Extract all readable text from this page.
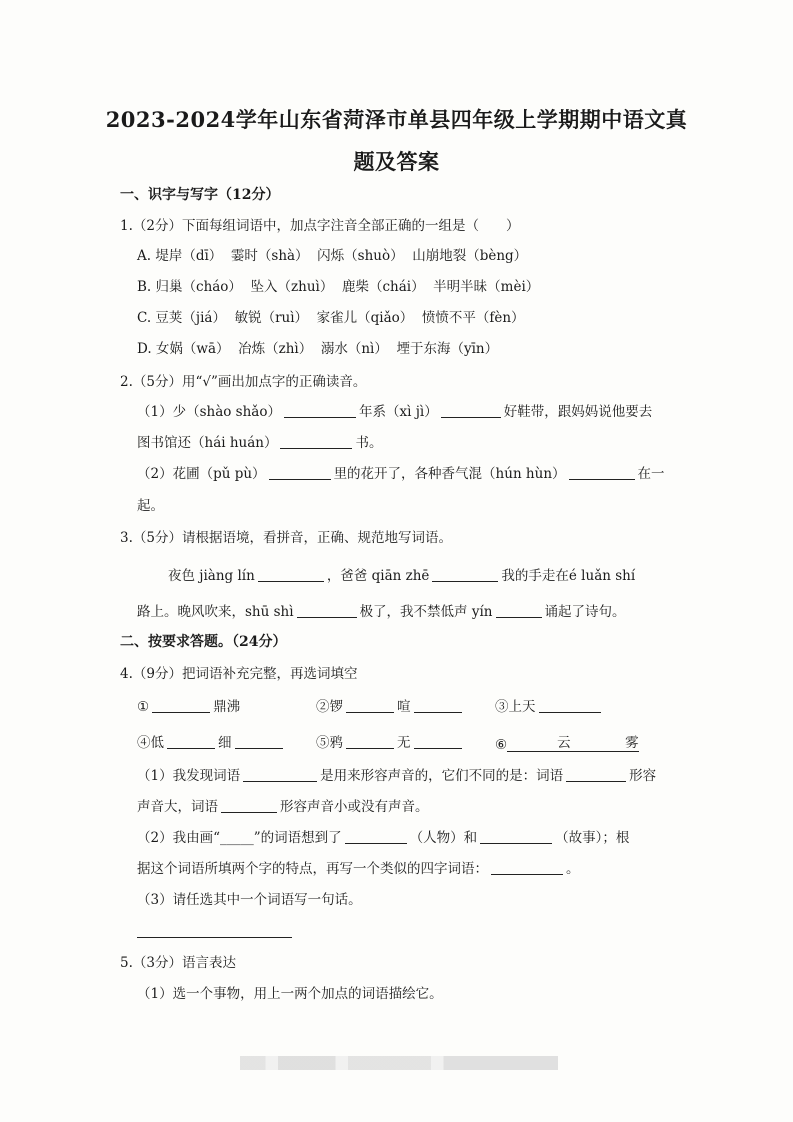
2023-2024学年山东省菏泽市单县四年级上学期期中语文真
题及答案
一、识字与写字（12分）
1.（2分）下面每组词语中，加点字注音全部正确的一组是（　　）
A. 堤岸（dī） 霎时（shà） 闪烁（shuò） 山崩地裂（bèng）
B. 归巢（cháo） 坠入（zhuì） 鹿柴（chái） 半明半昧（mèi）
C. 豆荚（jiá） 敏锐（ruì） 家雀儿（qiǎo） 愤愤不平（fèn）
D. 女娲（wā） 冶炼（zhì） 溺水（nì） 堙于东海（yīn）
2.（5分）用“√”画出加点字的正确读音。
（1）少（shào shǎo）	年系（xì jì）	好鞋带，跟妈妈说他要去
图书馆还（hái huán）	书。
（2）花圃（pǔ pù）	里的花开了，各种香气混（hún hùn）	在一
起。
3.（5分）请根据语境，看拼音，正确、规范地写词语。
夜色 jiàng lín	，爸爸 qiān zhē	我的手走在é luǎn shí
路上。晚风吹来，shū shì	极了，我不禁低声 yín	诵起了诗句。
二、按要求答题。（24分）
4.（9分）把词语补充完整，再选词填空
①	鼎沸	②锣	喧	③上天
④低	细	⑤鸦	无	⑥	云	雾
（1）我发现词语	是用来形容声音的，它们不同的是：词语	形容
声音大，词语	形容声音小或没有声音。
（2）我由画“_____”的词语想到了	（人物）和	（故事）；根
据这个词语所填两个字的特点，再写一个类似的四字词语：	。
（3）请任选其中一个词语写一句话。
5.（3分）语言表达
（1）选一个事物，用上一两个加点的词语描绘它。
